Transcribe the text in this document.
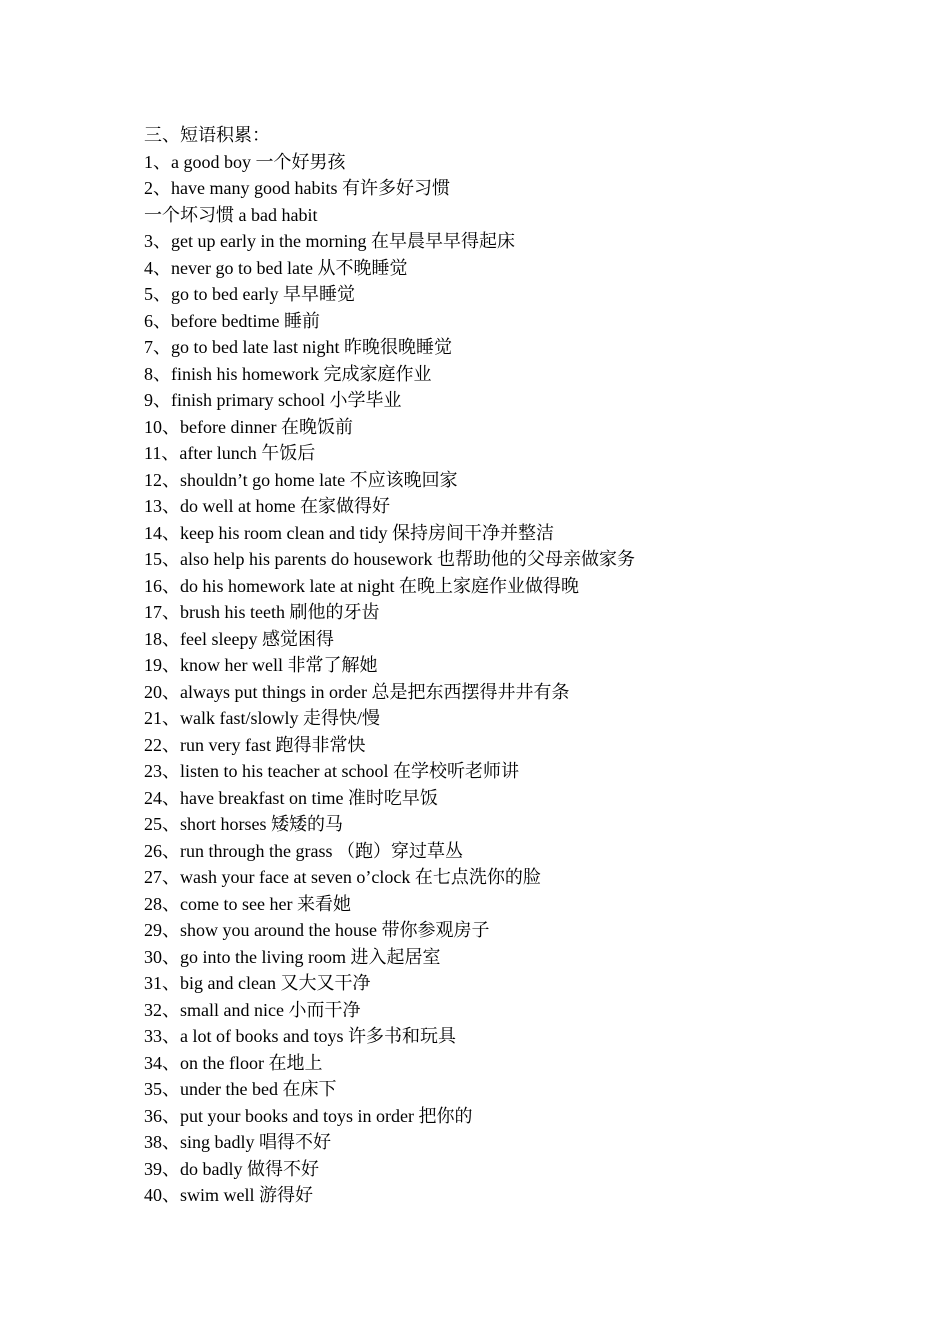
三、短语积累：
1、a good boy 一个好男孩
2、have many good habits 有许多好习惯
一个坏习惯 a bad habit
3、get up early in the morning 在早晨早早得起床
4、never go to bed late 从不晚睡觉
5、go to bed early 早早睡觉
6、before bedtime 睡前
7、go to bed late last night 昨晚很晚睡觉
8、finish his homework 完成家庭作业
9、finish primary school 小学毕业
10、before dinner 在晚饭前
11、after lunch 午饭后
12、shouldn’t go home late 不应该晚回家
13、do well at home 在家做得好
14、keep his room clean and tidy 保持房间干净并整洁
15、also help his parents do housework 也帮助他的父母亲做家务
16、do his homework late at night 在晚上家庭作业做得晚
17、brush his teeth 刷他的牙齿
18、feel sleepy 感觉困得
19、know her well 非常了解她
20、always put things in order 总是把东西摆得井井有条
21、walk fast/slowly 走得快/慢
22、run very fast 跑得非常快
23、listen to his teacher at school 在学校听老师讲
24、have breakfast on time 准时吃早饭
25、short horses 矮矮的马
26、run through the grass （跑）穿过草丛
27、wash your face at seven o’clock 在七点洗你的脸
28、come to see her 来看她
29、show you around the house 带你参观房子
30、go into the living room 进入起居室
31、big and clean 又大又干净
32、small and nice 小而干净
33、a lot of books and toys 许多书和玩具
34、on the floor 在地上
35、under the bed 在床下
36、put your books and toys in order 把你的
38、sing badly 唱得不好
39、do badly 做得不好
40、swim well 游得好
